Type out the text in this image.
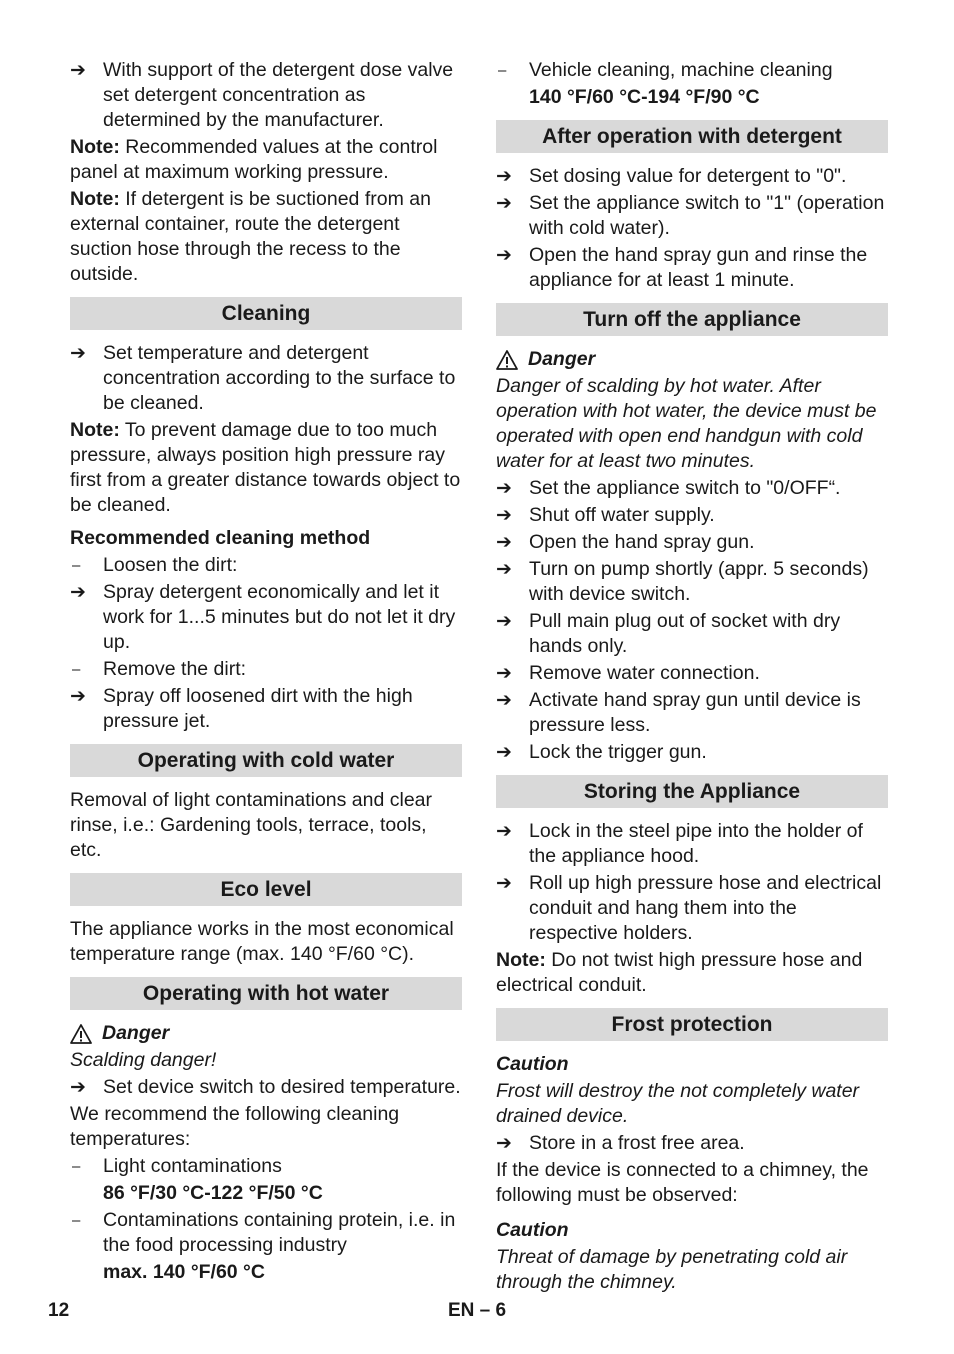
➔ With support of the detergent dose valve set detergent concentration as determined by the manufacturer.
Note: Recommended values at the control panel at maximum working pressure.
Note: If detergent is be suctioned from an external container, route the detergent suction hose through the recess to the outside.
Cleaning
➔ Set temperature and detergent concentration according to the surface to be cleaned.
Note: To prevent damage due to too much pressure, always position high pressure ray first from a greater distance towards object to be cleaned.
Recommended cleaning method
–	Loosen the dirt:
➔ Spray detergent economically and let it work for 1...5 minutes but do not let it dry up.
–	Remove the dirt:
➔ Spray off loosened dirt with the high pressure jet.
Operating with cold water
Removal of light contaminations and clear rinse, i.e.: Gardening tools, terrace, tools, etc.
Eco level
The appliance works in the most economical temperature range (max. 140 °F/60 °C).
Operating with hot water
Danger
Scalding danger!
➔ Set device switch to desired temperature.
We recommend the following cleaning temperatures:
–	Light contaminations
86 °F/30 °C-122 °F/50 °C
–	Contaminations containing protein, i.e. in the food processing industry
max. 140 °F/60 °C
–	Vehicle cleaning, machine cleaning
140 °F/60 °C-194 °F/90 °C
After operation with detergent
➔ Set dosing value for detergent to "0".
➔ Set the appliance switch to "1" (operation with cold water).
➔ Open the hand spray gun and rinse the appliance for at least 1 minute.
Turn off the appliance
Danger
Danger of scalding by hot water. After operation with hot water, the device must be operated with open end handgun with cold water for at least two minutes.
➔ Set the appliance switch to "0/OFF“.
➔ Shut off water supply.
➔ Open the hand spray gun.
➔ Turn on pump shortly (appr. 5 seconds) with device switch.
➔ Pull main plug out of socket with dry hands only.
➔ Remove water connection.
➔ Activate hand spray gun until device is pressure less.
➔ Lock the trigger gun.
Storing the Appliance
➔ Lock in the steel pipe into the holder of the appliance hood.
➔ Roll up high pressure hose and electrical conduit and hang them into the respective holders.
Note: Do not twist high pressure hose and electrical conduit.
Frost protection
Caution
Frost will destroy the not completely water drained device.
➔ Store in a frost free area.
If the device is connected to a chimney, the following must be observed:
Caution
Threat of damage by penetrating cold air through the chimney.
12	EN – 6
